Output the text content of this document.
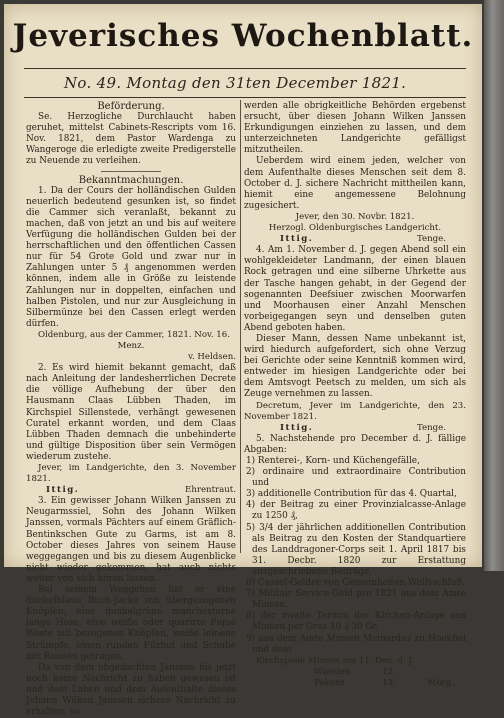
Jeverisches Wochenblatt.
No. 49. Montag den 31ten December 1821.

Beförderung.

Se. Herzogliche Durchlaucht haben geruhet, mittelst Cabinets-Rescripts vom 16. Nov. 1821, dem Pastor Wardenga zu Wangeroge die erledigte zweite Predigerstelle zu Neuende zu verleihen.

Bekanntmachungen.

1. Da der Cours der holländischen Gulden neuerlich bedeutend gesunken ist, so findet die Cammer sich veranlaßt, bekannt zu machen, daß von jetzt an und bis auf weitere Verfügung die holländischen Gulden bei der herrschaftlichen und den öffentlichen Cassen nur für 54 Grote Gold und zwar nur in Zahlungen unter 5 ₰ angenommen werden können, indem alle in Größe zu leistende Zahlungen nur in doppelten, einfachen und halben Pistolen, und nur zur Ausgleichung in Silbermünze bei den Cassen erlegt werden dürfen.

Oldenburg, aus der Cammer, 1821. Nov. 16.

Menz.

v. Heldsen.

2. Es wird hiemit bekannt gemacht, daß nach Anleitung der landesherrlichen Decrete die völlige Aufhebung der über den Hausmann Claas Lübben Thaden, im Kirchspiel Sillenstede, verhängt gewesenen Curatel erkannt worden, und dem Claas Lübben Thaden demnach die unbehinderte und gültige Disposition über sein Vermögen wiederum zustehe.

Jever, im Landgerichte, den 3. November 1821.

Ittig.	Ehrentraut.

3. Ein gewisser Johann Wilken Janssen zu Neugarmssiel, Sohn des Johann Wilken Janssen, vormals Pächters auf einem Gräflich-Bentinkschen Gute zu Garms, ist am 8. October dieses Jahres von seinem Hause weggegangen und bis zu diesem Augenblicke nicht wieder gekommen, hat auch nichts weiter von sich hören lassen.

Bei seinem Weggehen hat er eine dunkelblaue Buch-Jacke mit übergezogenen Knöpfen, eine dunkelgrüne manchesterne lange Hose, eine weiße oder quarirte Piqué Weste mit bezogenen Knöpfen, weiße leinene Strümpfe, einen runden Filzhut und Schuhe mit Riemen getragen.

Da von dem obgedachten Janssen bis jetzt noch keine Nachricht zu haben gewesen ist und dem Leben und dem Aufenthalte dieses Johann Wilken Janssen sichere Nachricht zu erhalten, so

werden alle obrigkeitliche Behörden ergebenst ersucht, über diesen Johann Wilken Janssen Erkundigungen einziehen zu lassen, und dem unterzeichneten Landgerichte gefälligst mitzutheilen.

Ueberdem wird einem jeden, welcher von dem Aufenthalte dieses Menschen seit dem 8. October d. J. sichere Nachricht mittheilen kann, hiemit eine angemessene Belohnung zugesichert.

Jever, den 30. Novbr. 1821.

Herzogl. Oldenburgisches Landgericht.

Ittig.	Tenge.

4. Am 1. November d. J. gegen Abend soll ein wohlgekleideter Landmann, der einen blauen Rock getragen und eine silberne Uhrkette aus der Tasche hangen gehabt, in der Gegend der sogenannten Deefsiuer zwischen Moorwarfen und Moorhausen einer Anzahl Menschen vorbeigegangen seyn und denselben guten Abend geboten haben.

Dieser Mann, dessen Name unbekannt ist, wird hiedurch aufgefordert, sich ohne Verzug bei Gerichte oder seine Kenntniß kommen wird, entweder im hiesigen Landgerichte oder bei dem Amtsvogt Peetsch zu melden, um sich als Zeuge vernehmen zu lassen.

Decretum, Jever im Landgerichte, den 23. November 1821.

Ittig.	Tenge.

5. Nachstehende pro December d. J. fällige Abgaben:

1) Renterei-, Korn- und Küchengefälle,

2) ordinaire und extraordinaire Contribution und

3) additionelle Contribution für das 4. Quartal,

4) der Beitrag zu einer Provinzialcasse-Anlage zu 1250 ₰,

5) 3/4 der jährlichen additionellen Contribution als Beitrag zu den Kosten der Standquartiere des Landdragoner-Corps seit 1. April 1817 bis 31. Decbr. 1820 zur Erstattung ausgeschriebene Beiträge,

6) Cassel-Gelder von Gemeinheiten Wolfsschluß,

7) Militair Service-Geld pro 1821 aus dem Amte Minsen,

8) der zweite Termin der Kirchen-Anlage aus Minsen per Gras 10 ₰ 30 Gr.

9) aus dem Amte Minsen Meinardus zu Hookfiel und dem

Kirchspiele Minsen am 11. Dec. d. J.

Wiarden	12.
Pakens	13.	Morg.
